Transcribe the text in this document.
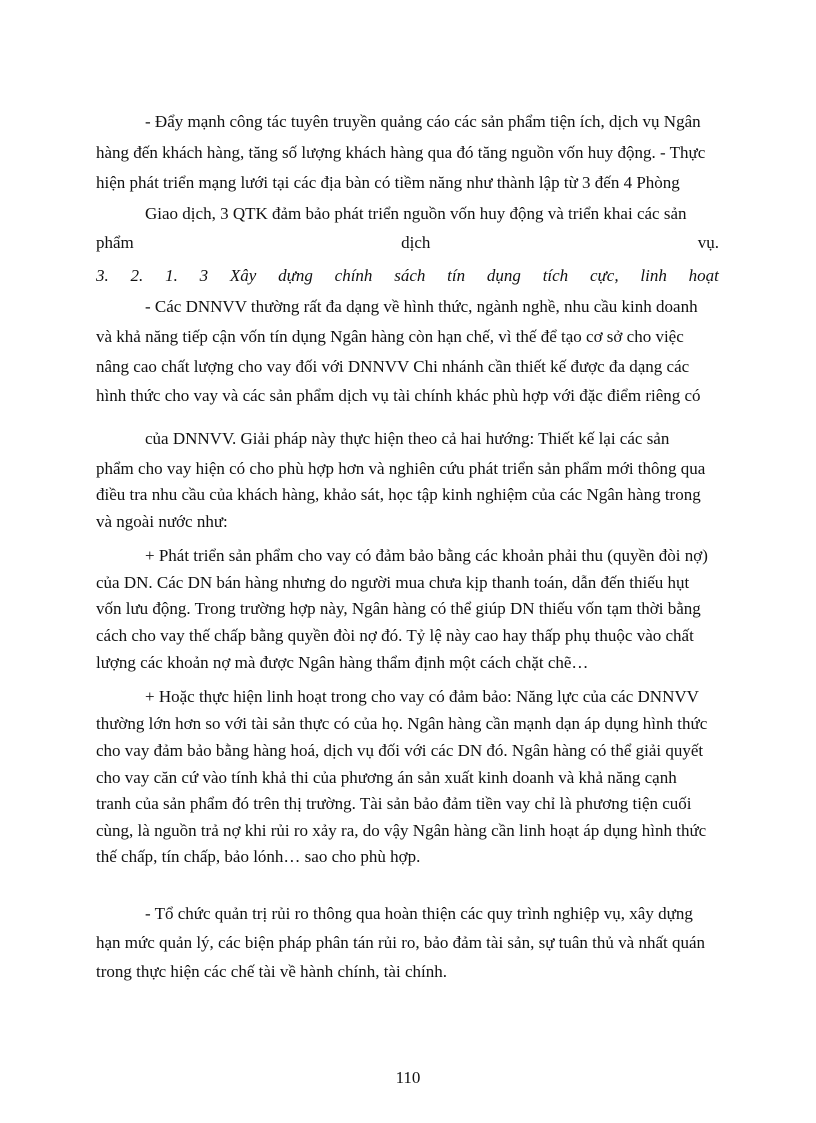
- Đẩy mạnh công tác tuyên truyền quảng cáo các sản phẩm tiện ích, dịch vụ Ngân
hàng đến khách hàng, tăng số lượng khách hàng qua đó tăng nguồn vốn huy động. - Thực
hiện phát triển mạng lưới tại các địa bàn có tiềm năng như thành lập từ 3 đến 4 Phòng
Giao dịch, 3 QTK đảm bảo phát triển nguồn vốn huy động và triển khai các sản
phẩm	dịch	vụ.
3. 2. 1. 3 Xây dựng chính sách tín dụng tích cực, linh hoạt
- Các DNNVV thường rất đa dạng về hình thức, ngành nghề, nhu cầu kinh doanh
và khả năng tiếp cận vốn tín dụng Ngân hàng còn hạn chế, vì thế để tạo cơ sở cho việc
nâng cao chất lượng cho vay đối với DNNVV Chi nhánh cần thiết kế được đa dạng các
hình thức cho vay và các sản phẩm dịch vụ tài chính khác phù hợp với đặc điểm riêng có
của DNNVV. Giải pháp này thực hiện theo cả hai hướng: Thiết kế lại các sản
phẩm cho vay hiện có cho phù hợp hơn và nghiên cứu phát triển sản phẩm mới thông qua
điều tra nhu cầu của khách hàng, khảo sát, học tập kinh nghiệm của các Ngân hàng trong
và ngoài nước như:
+ Phát triển sản phẩm cho vay có đảm bảo bằng các khoản phải thu (quyền đòi nợ)
của DN. Các DN bán hàng nhưng do người mua chưa kịp thanh toán, dẫn đến thiếu hụt
vốn lưu động. Trong trường hợp này, Ngân hàng có thể giúp DN thiếu vốn tạm thời bằng
cách cho vay thế chấp bằng quyền đòi nợ đó. Tỷ lệ này cao hay thấp phụ thuộc vào chất
lượng các khoản nợ mà được Ngân hàng thẩm định một cách chặt chẽ…
+ Hoặc thực hiện linh hoạt trong cho vay có đảm bảo: Năng lực của các DNNVV
thường lớn hơn so với tài sản thực có của họ. Ngân hàng cần mạnh dạn áp dụng hình thức
cho vay đảm bảo bằng hàng hoá, dịch vụ đối với các DN đó. Ngân hàng có thể giải quyết
cho vay căn cứ vào tính khả thi của phương án sản xuất kinh doanh và khả năng cạnh
tranh của sản phẩm đó trên thị trường. Tài sản bảo đảm tiền vay chỉ là phương tiện cuối
cùng, là nguồn trả nợ khi rủi ro xảy ra, do vậy Ngân hàng cần linh hoạt áp dụng hình thức
thế chấp, tín chấp, bảo lónh… sao cho phù hợp.
- Tổ chức quản trị rủi ro thông qua hoàn thiện các quy trình nghiệp vụ, xây dựng
hạn mức quản lý, các biện pháp phân tán rủi ro, bảo đảm tài sản, sự tuân thủ và nhất quán
trong thực hiện các chế tài về hành chính, tài chính.
110
